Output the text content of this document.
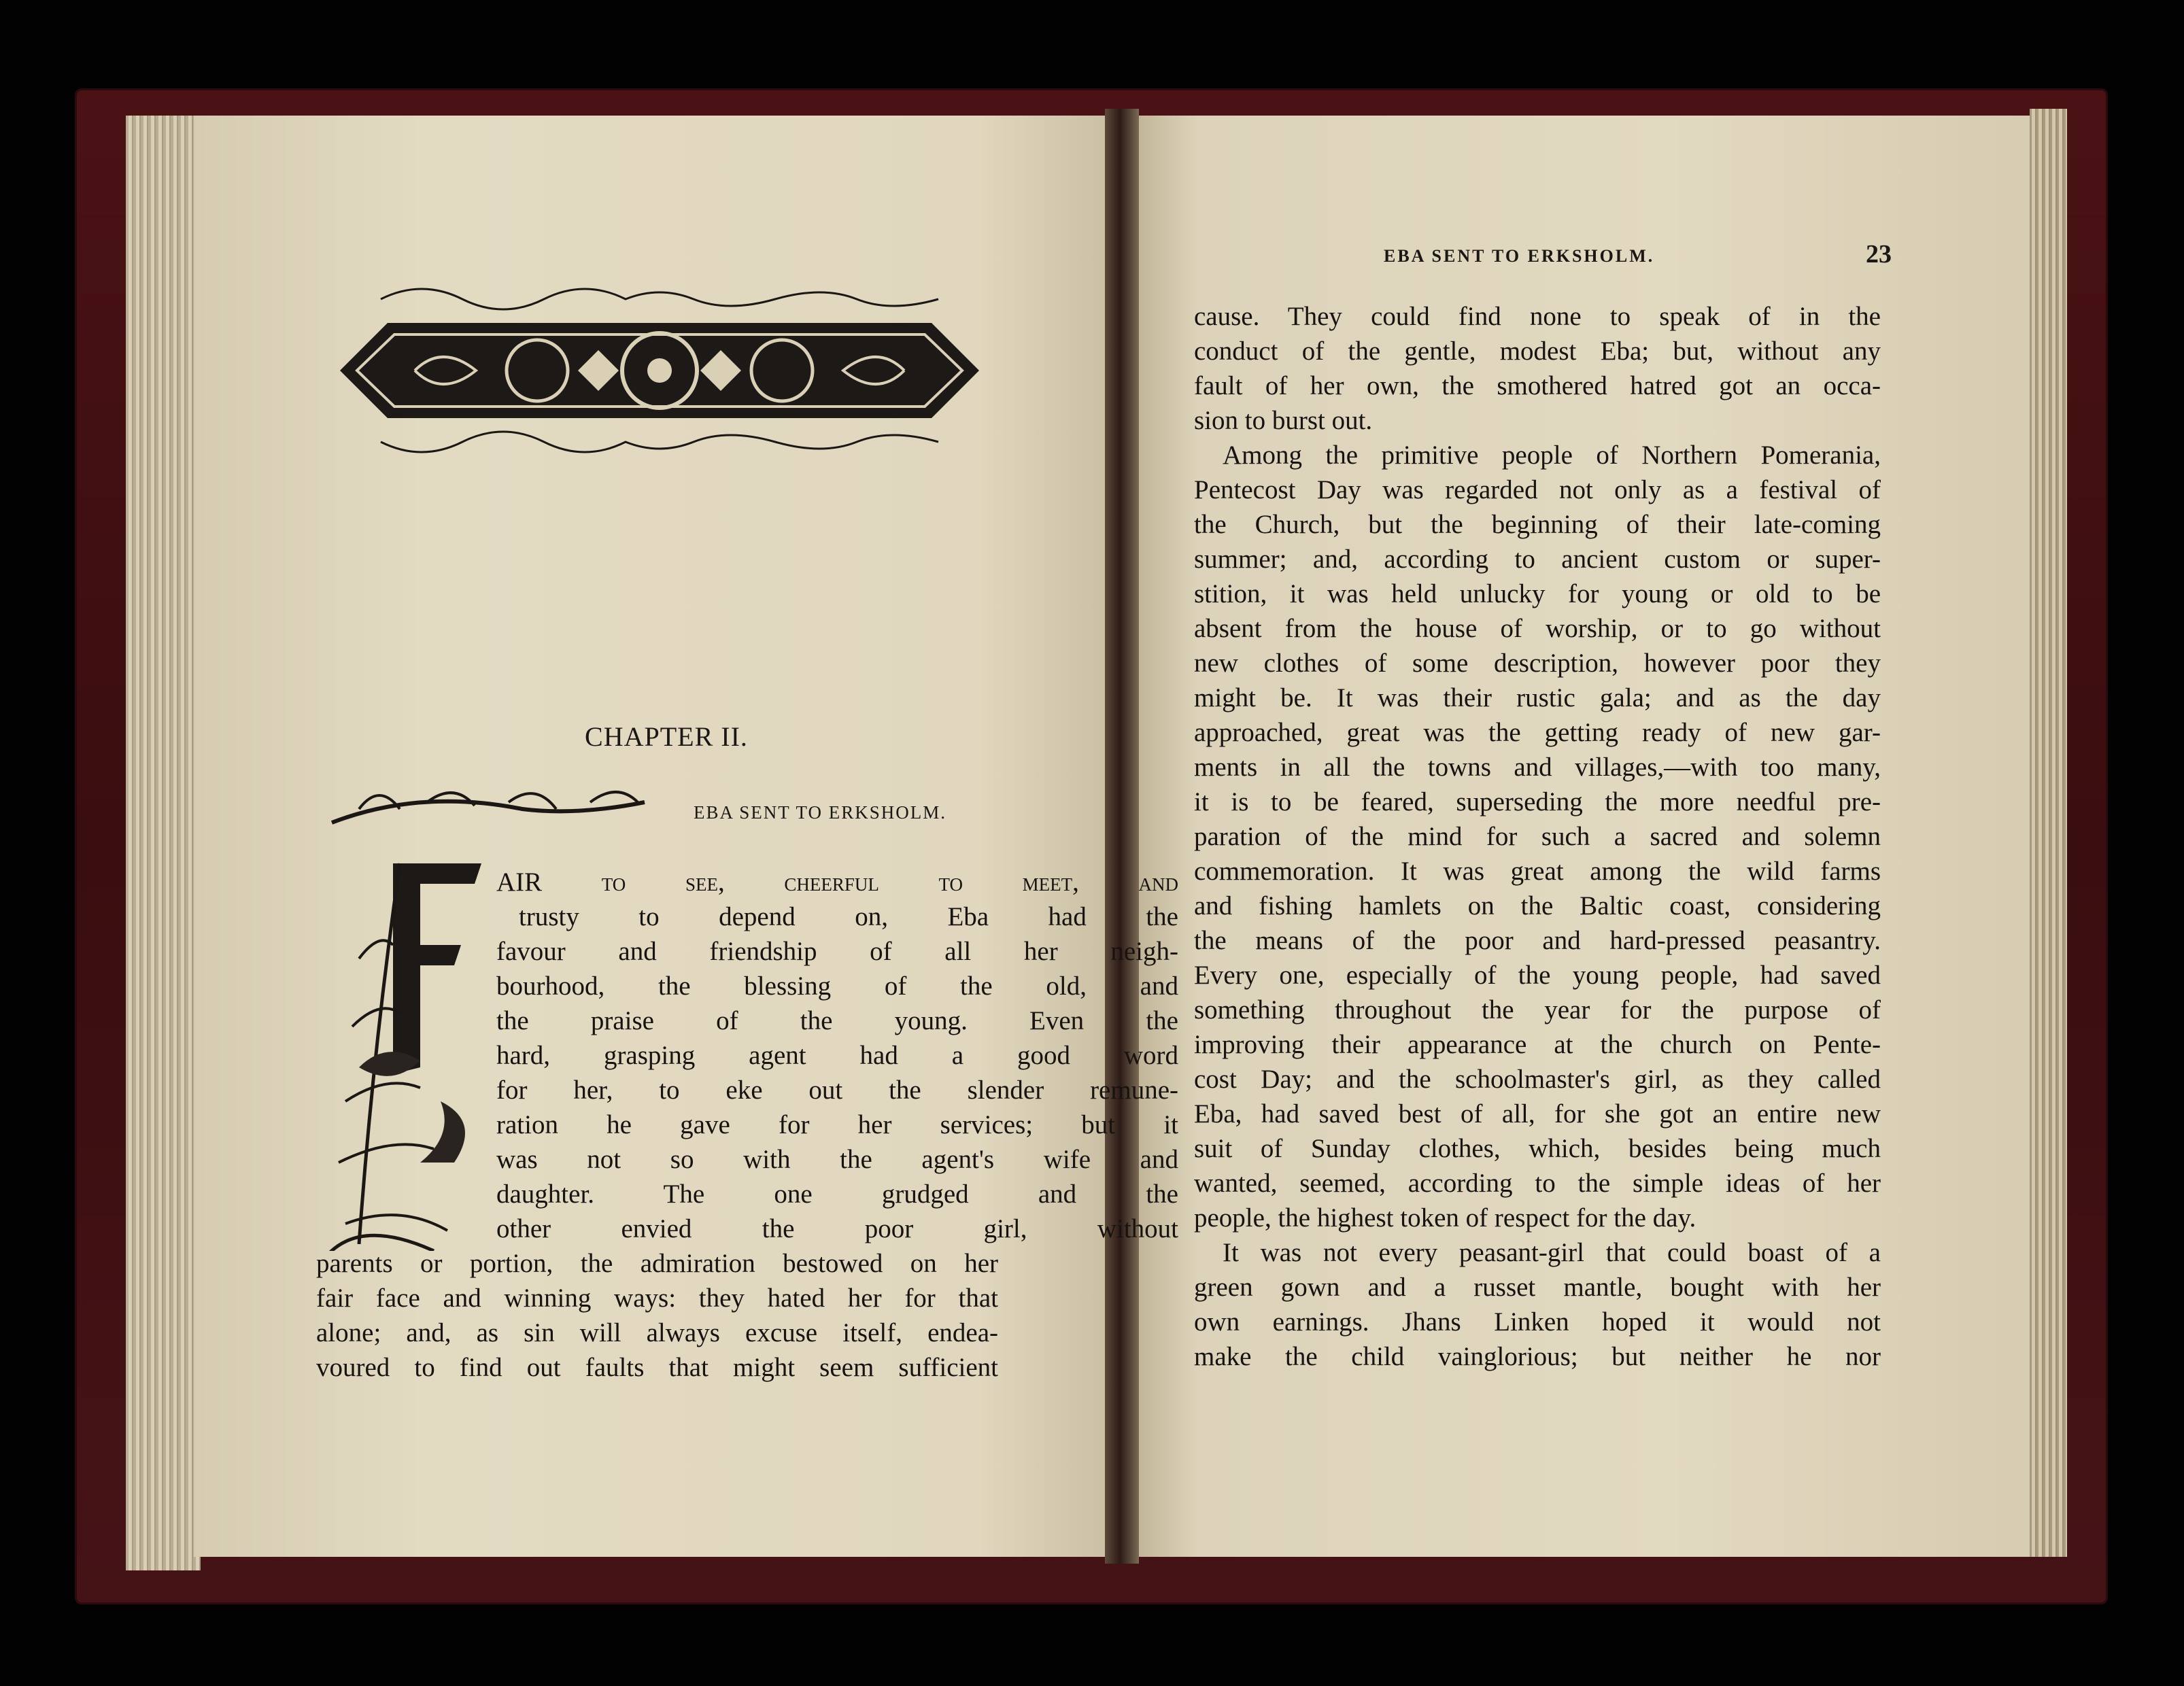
CHAPTER II.
EBA SENT TO ERKSHOLM.
AIR to see, cheerful to meet, and
trusty to depend on, Eba had the
favour and friendship of all her neigh-
bourhood, the blessing of the old, and
the praise of the young. Even the
hard, grasping agent had a good word
for her, to eke out the slender remune-
ration he gave for her services; but it
was not so with the agent's wife and
daughter. The one grudged and the
other envied the poor girl, without
parents or portion, the admiration bestowed on her
fair face and winning ways: they hated her for that
alone; and, as sin will always excuse itself, endea-
voured to find out faults that might seem sufficient
EBA SENT TO ERKSHOLM.	23
cause. They could find none to speak of in the
conduct of the gentle, modest Eba; but, without any
fault of her own, the smothered hatred got an occa-
sion to burst out.
Among the primitive people of Northern Pomerania,
Pentecost Day was regarded not only as a festival of
the Church, but the beginning of their late-coming
summer; and, according to ancient custom or super-
stition, it was held unlucky for young or old to be
absent from the house of worship, or to go without
new clothes of some description, however poor they
might be. It was their rustic gala; and as the day
approached, great was the getting ready of new gar-
ments in all the towns and villages,—with too many,
it is to be feared, superseding the more needful pre-
paration of the mind for such a sacred and solemn
commemoration. It was great among the wild farms
and fishing hamlets on the Baltic coast, considering
the means of the poor and hard-pressed peasantry.
Every one, especially of the young people, had saved
something throughout the year for the purpose of
improving their appearance at the church on Pente-
cost Day; and the schoolmaster's girl, as they called
Eba, had saved best of all, for she got an entire new
suit of Sunday clothes, which, besides being much
wanted, seemed, according to the simple ideas of her
people, the highest token of respect for the day.
It was not every peasant-girl that could boast of a
green gown and a russet mantle, bought with her
own earnings. Jhans Linken hoped it would not
make the child vainglorious; but neither he nor
